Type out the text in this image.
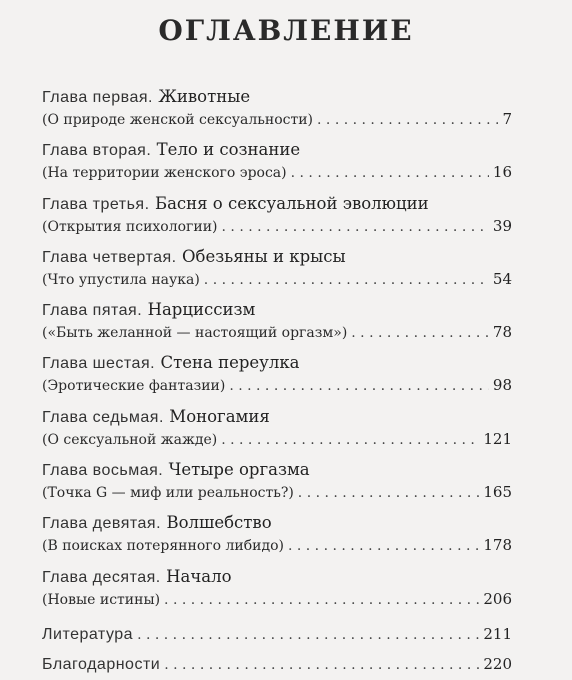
ОГЛАВЛЕНИЕ
Глава первая. Животные
(О природе женской сексуальности) . . .	7
Глава вторая. Тело и сознание
(На территории женского эроса) . . .	16
Глава третья. Басня о сексуальной эволюции
(Открытия психологии) . . .	39
Глава четвертая. Обезьяны и крысы
(Что упустила наука) . . .	54
Глава пятая. Нарциссизм
(«Быть желанной — настоящий оргазм») . . .	78
Глава шестая. Стена переулка
(Эротические фантазии) . . .	98
Глава седьмая. Моногамия
(О сексуальной жажде) . . .	121
Глава восьмая. Четыре оргазма
(Точка G — миф или реальность?) . . .	165
Глава девятая. Волшебство
(В поисках потерянного либидо) . . .	178
Глава десятая. Начало
(Новые истины) . . .	206
Литература . . .	211
Благодарности . . .	220
